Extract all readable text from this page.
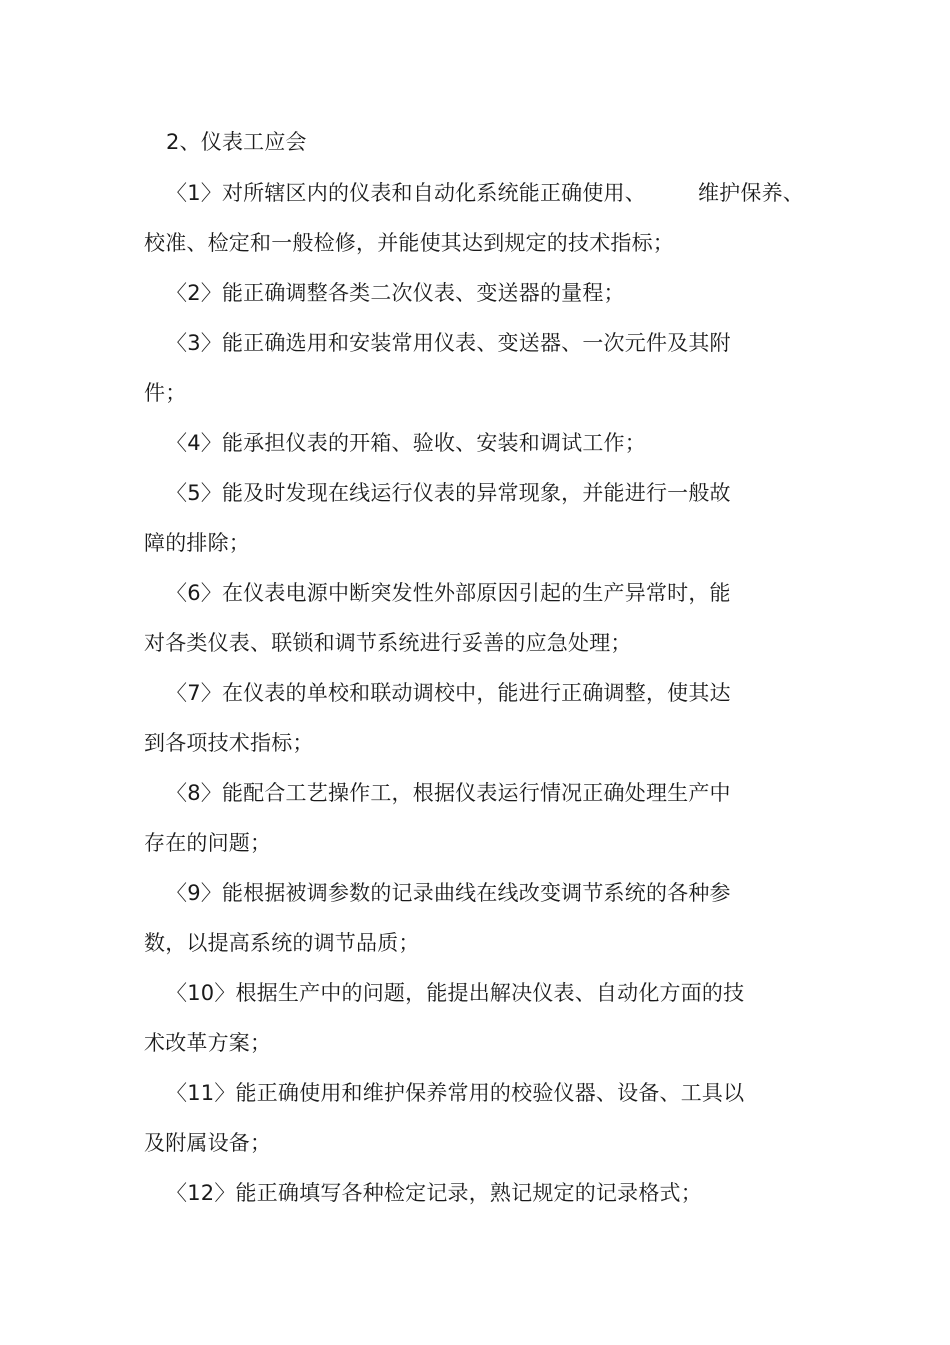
2、仪表工应会
〈1〉对所辖区内的仪表和自动化系统能正确使用、 维护保养、
校准、检定和一般检修，并能使其达到规定的技术指标；
〈2〉能正确调整各类二次仪表、变送器的量程；
〈3〉能正确选用和安装常用仪表、变送器、一次元件及其附
件；
〈4〉能承担仪表的开箱、验收、安装和调试工作；
〈5〉能及时发现在线运行仪表的异常现象，并能进行一般故
障的排除；
〈6〉在仪表电源中断突发性外部原因引起的生产异常时，能
对各类仪表、联锁和调节系统进行妥善的应急处理；
〈7〉在仪表的单校和联动调校中，能进行正确调整，使其达
到各项技术指标；
〈8〉能配合工艺操作工，根据仪表运行情况正确处理生产中
存在的问题；
〈9〉能根据被调参数的记录曲线在线改变调节系统的各种参
数，以提高系统的调节品质；
〈10〉根据生产中的问题，能提出解决仪表、自动化方面的技
术改革方案；
〈11〉能正确使用和维护保养常用的校验仪器、设备、工具以
及附属设备；
〈12〉能正确填写各种检定记录，熟记规定的记录格式；
